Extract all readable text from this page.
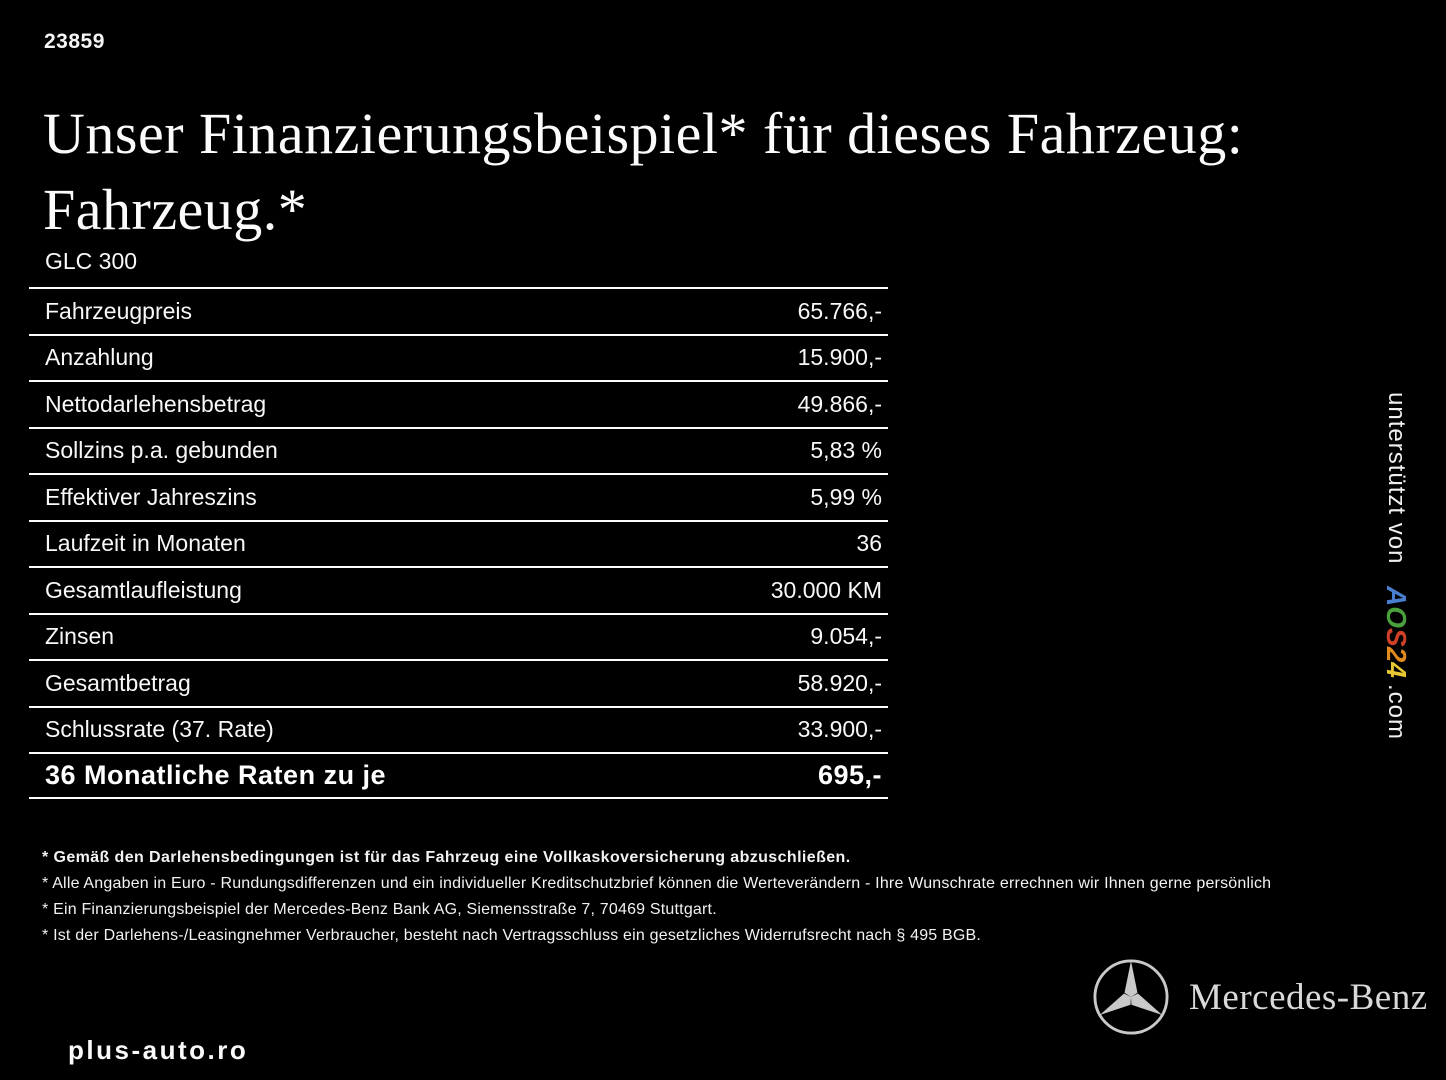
23859
Unser Finanzierungsbeispiel* für dieses Fahrzeug:
Fahrzeug.*
GLC 300
Fahrzeugpreis	65.766,-
Anzahlung	15.900,-
Nettodarlehensbetrag	49.866,-
Sollzins p.a. gebunden	5,83 %
Effektiver Jahreszins	5,99 %
Laufzeit in Monaten	36
Gesamtlaufleistung	30.000 KM
Zinsen	9.054,-
Gesamtbetrag	58.920,-
Schlussrate (37. Rate)	33.900,-
36 Monatliche Raten zu je	695,-

* Gemäß den Darlehensbedingungen ist für das Fahrzeug eine Vollkaskoversicherung abzuschließen.

* Alle Angaben in Euro - Rundungsdifferenzen und ein individueller Kreditschutzbrief können die Werteverändern - Ihre Wunschrate errechnen wir Ihnen gerne persönlich

* Ein Finanzierungsbeispiel der Mercedes-Benz Bank AG, Siemensstraße 7, 70469 Stuttgart.

* Ist der Darlehens-/Leasingnehmer Verbraucher, besteht nach Vertragsschluss ein gesetzliches Widerrufsrecht nach § 495 BGB.

unterstützt vonAOS24.com
Mercedes-Benz
plus-auto.ro
